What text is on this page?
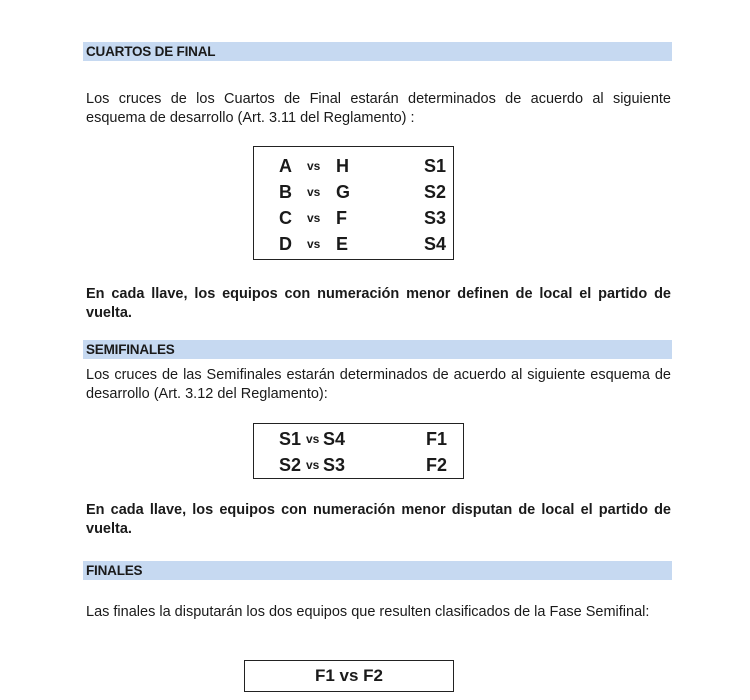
CUARTOS DE FINAL
Los cruces de los Cuartos de Final estarán determinados de acuerdo al siguiente esquema de desarrollo (Art. 3.11 del Reglamento) :
A vs H	S1
B vs G	S2
C vs F	S3
D vs E	S4
En cada llave, los equipos con numeración menor definen de local el partido de vuelta.
SEMIFINALES
Los cruces de las Semifinales estarán determinados de acuerdo al siguiente esquema de desarrollo (Art. 3.12 del Reglamento):
S1 vs S4	F1
S2 vs S3	F2
En cada llave, los equipos con numeración menor disputan de local el partido de vuelta.
FINALES
Las finales la disputarán los dos equipos que resulten clasificados de la Fase Semifinal:
F1 vs F2
